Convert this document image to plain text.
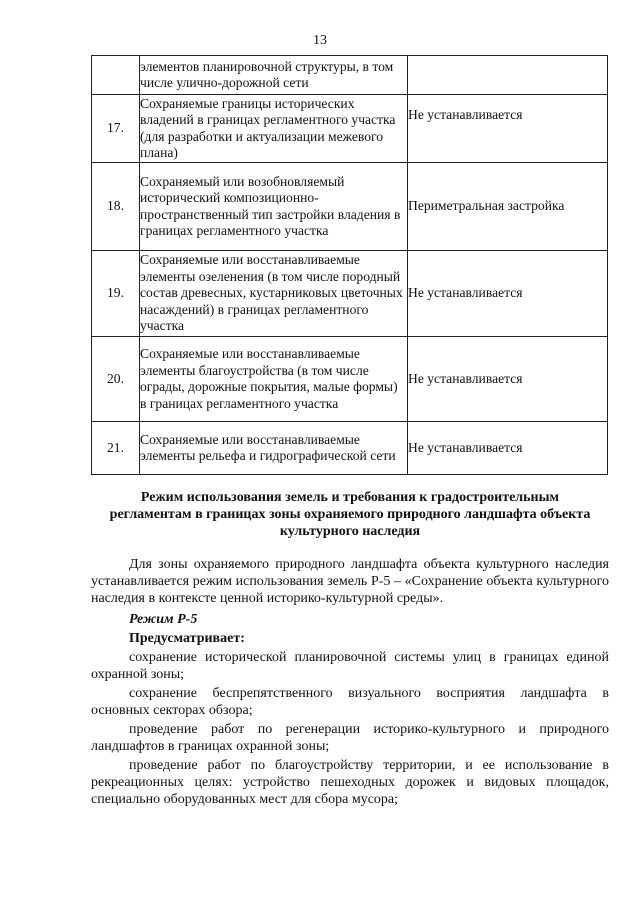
13
	элементов планировочной структуры, в том числе улично-дорожной сети	
17.	Сохраняемые границы исторических владений в границах регламентного участка (для разработки и актуализации межевого плана)	Не устанавливается
18.	Сохраняемый или возобновляемый исторический композиционно-пространственный тип застройки владения в границах регламентного участка	Периметральная застройка
19.	Сохраняемые или восстанавливаемые элементы озеленения (в том числе породный состав древесных, кустарниковых цветочных насаждений) в границах регламентного участка	Не устанавливается
20.	Сохраняемые или восстанавливаемые элементы благоустройства (в том числе ограды, дорожные покрытия, малые формы) в границах регламентного участка	Не устанавливается
21.	Сохраняемые или восстанавливаемые элементы рельефа и гидрографической сети	Не устанавливается
Режим использования земель и требования к градостроительным регламентам в границах зоны охраняемого природного ландшафта объекта культурного наследия

Для зоны охраняемого природного ландшафта объекта культурного наследия устанавливается режим использования земель Р-5 – «Сохранение объекта культурного наследия в контексте ценной историко-культурной среды».

Режим Р-5

Предусматривает:

сохранение исторической планировочной системы улиц в границах единой охранной зоны;

сохранение беспрепятственного визуального восприятия ландшафта в основных секторах обзора;

проведение работ по регенерации историко-культурного и природного ландшафтов в границах охранной зоны;

проведение работ по благоустройству территории, и ее использование в рекреационных целях: устройство пешеходных дорожек и видовых площадок, специально оборудованных мест для сбора мусора;
